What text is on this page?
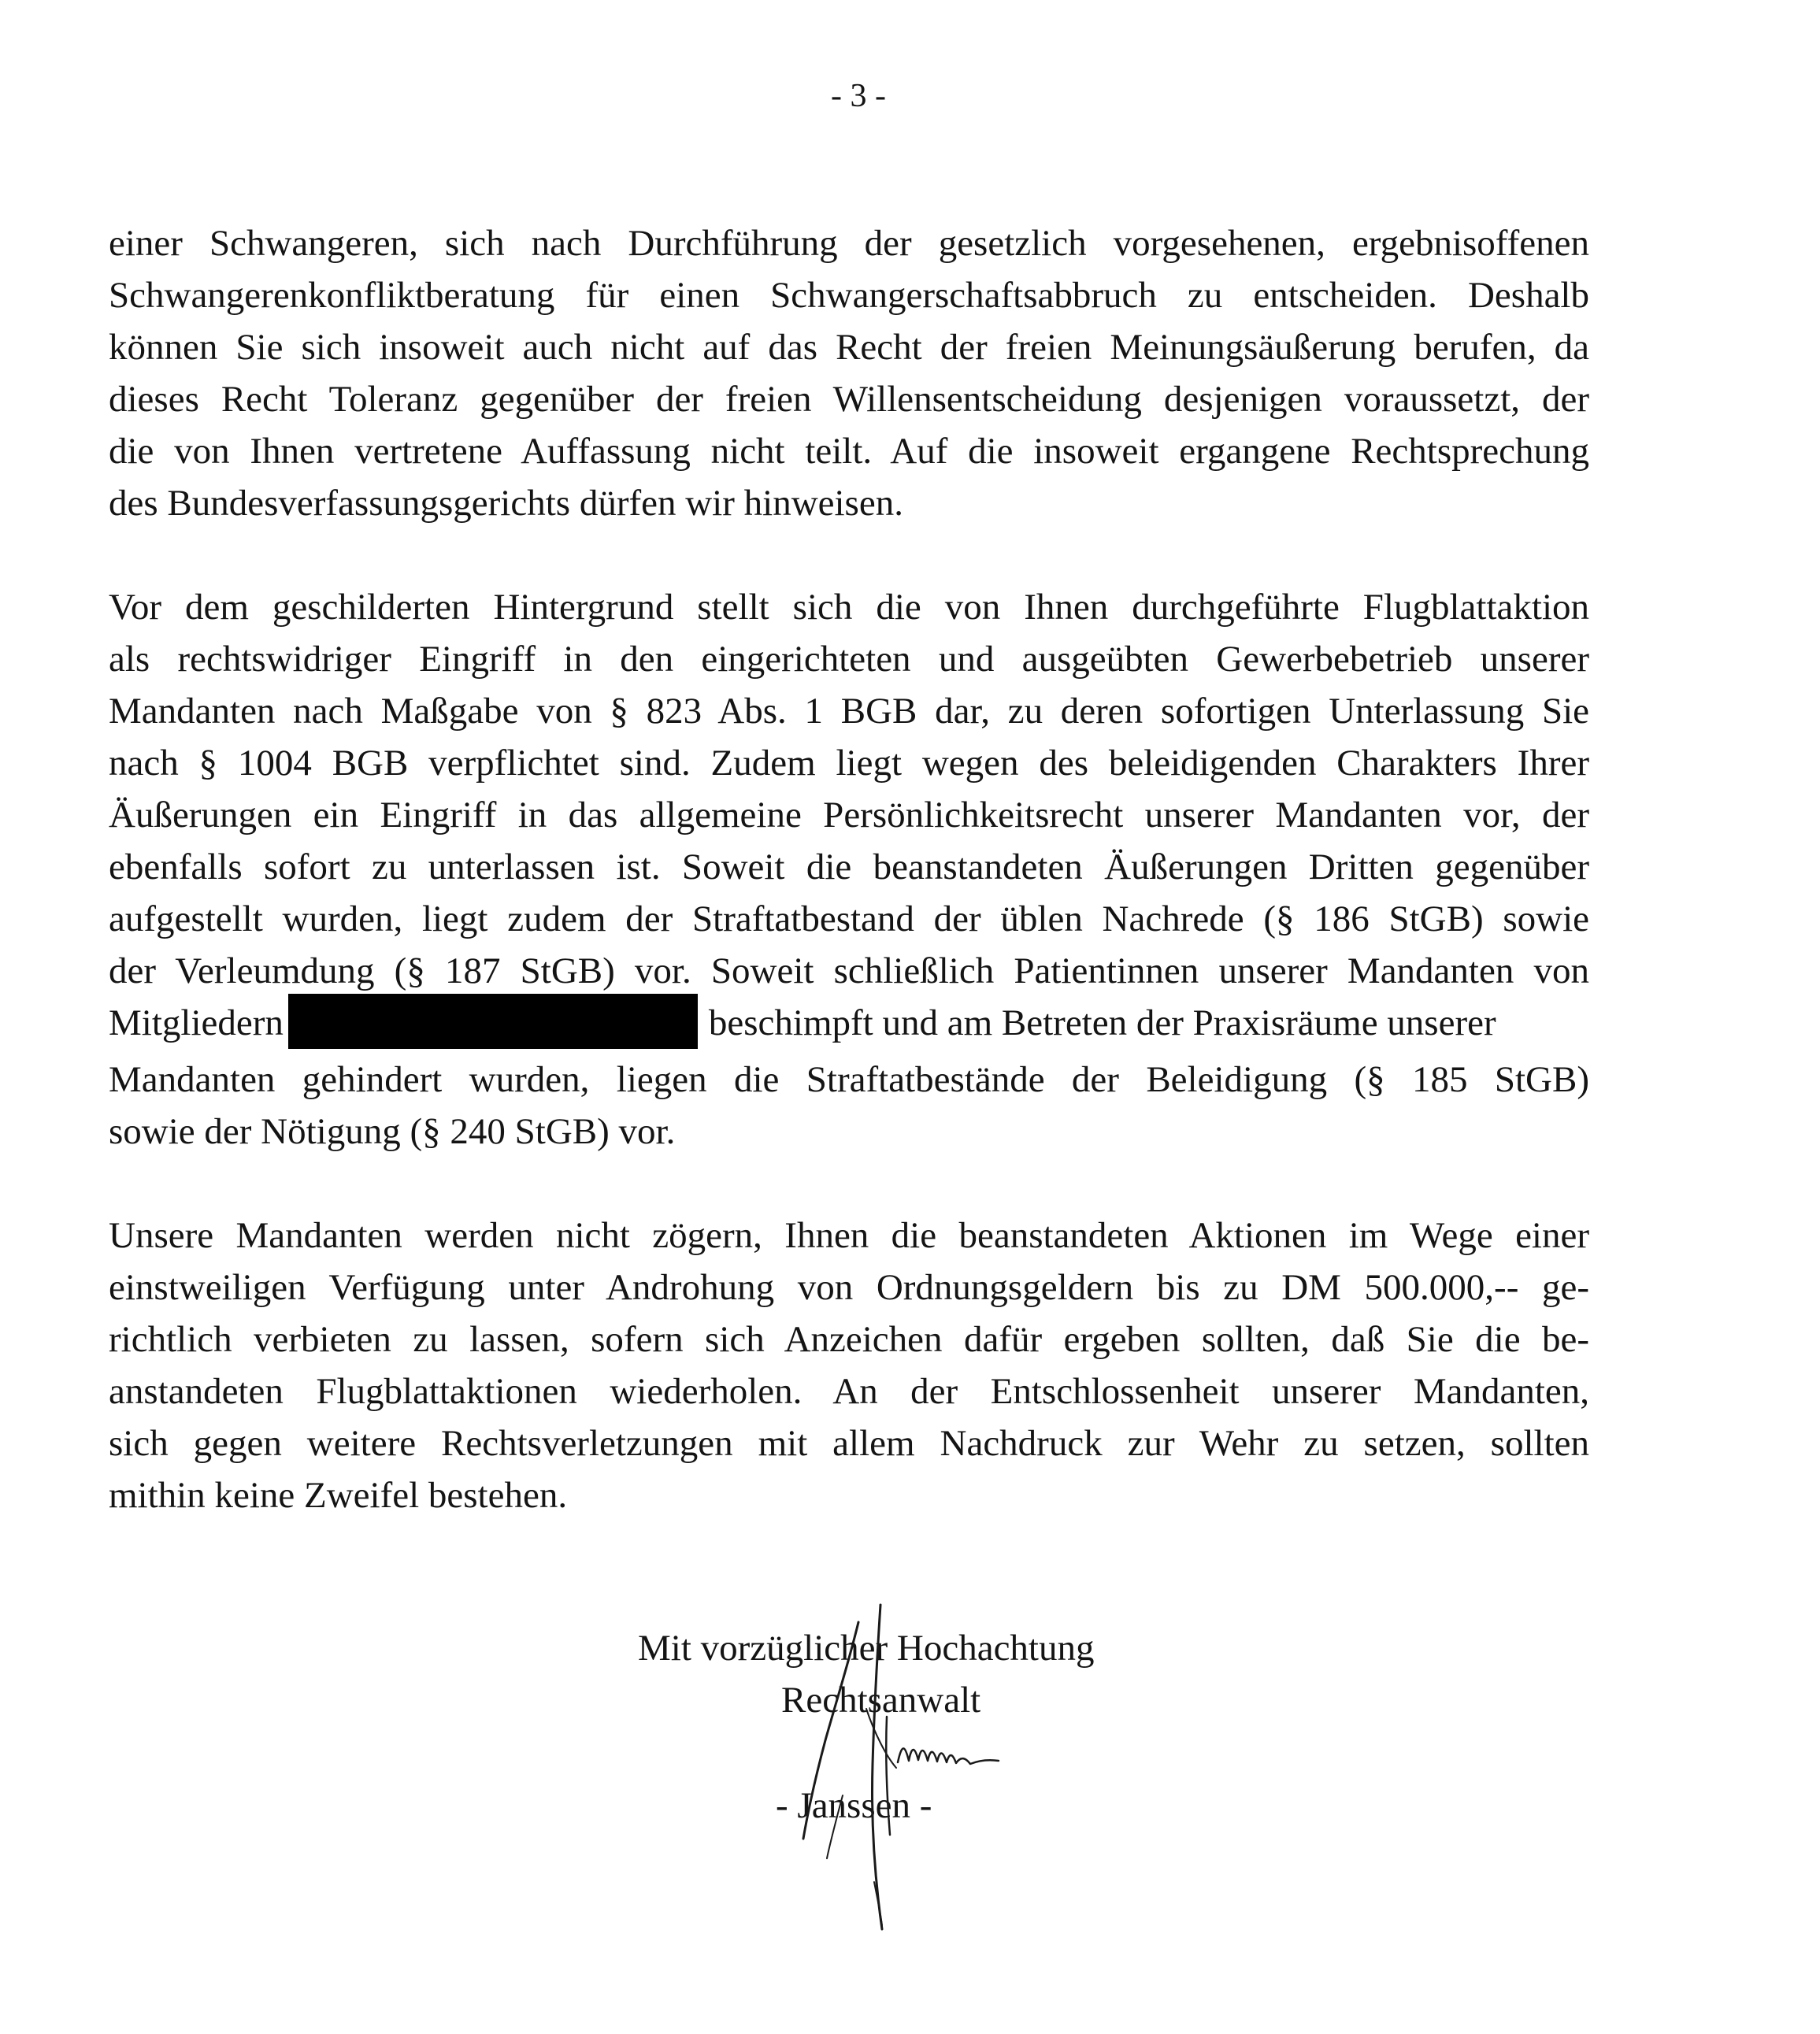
- 3 -
einer Schwangeren, sich nach Durchführung der gesetzlich vorgesehenen, ergebnisoffenen
Schwangerenkonfliktberatung für einen Schwangerschaftsabbruch zu entscheiden. Deshalb
können Sie sich insoweit auch nicht auf das Recht der freien Meinungsäußerung berufen, da
dieses Recht Toleranz gegenüber der freien Willensentscheidung desjenigen voraussetzt, der
die von Ihnen vertretene Auffassung nicht teilt. Auf die insoweit ergangene Rechtsprechung
des Bundesverfassungsgerichts dürfen wir hinweisen.
Vor dem geschilderten Hintergrund stellt sich die von Ihnen durchgeführte Flugblattaktion
als rechtswidriger Eingriff in den eingerichteten und ausgeübten Gewerbebetrieb unserer
Mandanten nach Maßgabe von § 823 Abs. 1 BGB dar, zu deren sofortigen Unterlassung Sie
nach § 1004 BGB verpflichtet sind. Zudem liegt wegen des beleidigenden Charakters Ihrer
Äußerungen ein Eingriff in das allgemeine Persönlichkeitsrecht unserer Mandanten vor, der
ebenfalls sofort zu unterlassen ist. Soweit die beanstandeten Äußerungen Dritten gegenüber
aufgestellt wurden, liegt zudem der Straftatbestand der üblen Nachrede (§ 186 StGB) sowie
der Verleumdung (§ 187 StGB) vor. Soweit schließlich Patientinnen unserer Mandanten von
Mitgliedern	beschimpft und am Betreten der Praxisräume unserer
Mandanten gehindert wurden, liegen die Straftatbestände der Beleidigung (§ 185 StGB)
sowie der Nötigung (§ 240 StGB) vor.
Unsere Mandanten werden nicht zögern, Ihnen die beanstandeten Aktionen im Wege einer
einstweiligen Verfügung unter Androhung von Ordnungsgeldern bis zu DM 500.000,-- ge-
richtlich verbieten zu lassen, sofern sich Anzeichen dafür ergeben sollten, daß Sie die be-
anstandeten Flugblattaktionen wiederholen. An der Entschlossenheit unserer Mandanten,
sich gegen weitere Rechtsverletzungen mit allem Nachdruck zur Wehr zu setzen, sollten
mithin keine Zweifel bestehen.
Mit vorzüglicher Hochachtung
Rechtsanwalt
- Janssen -
